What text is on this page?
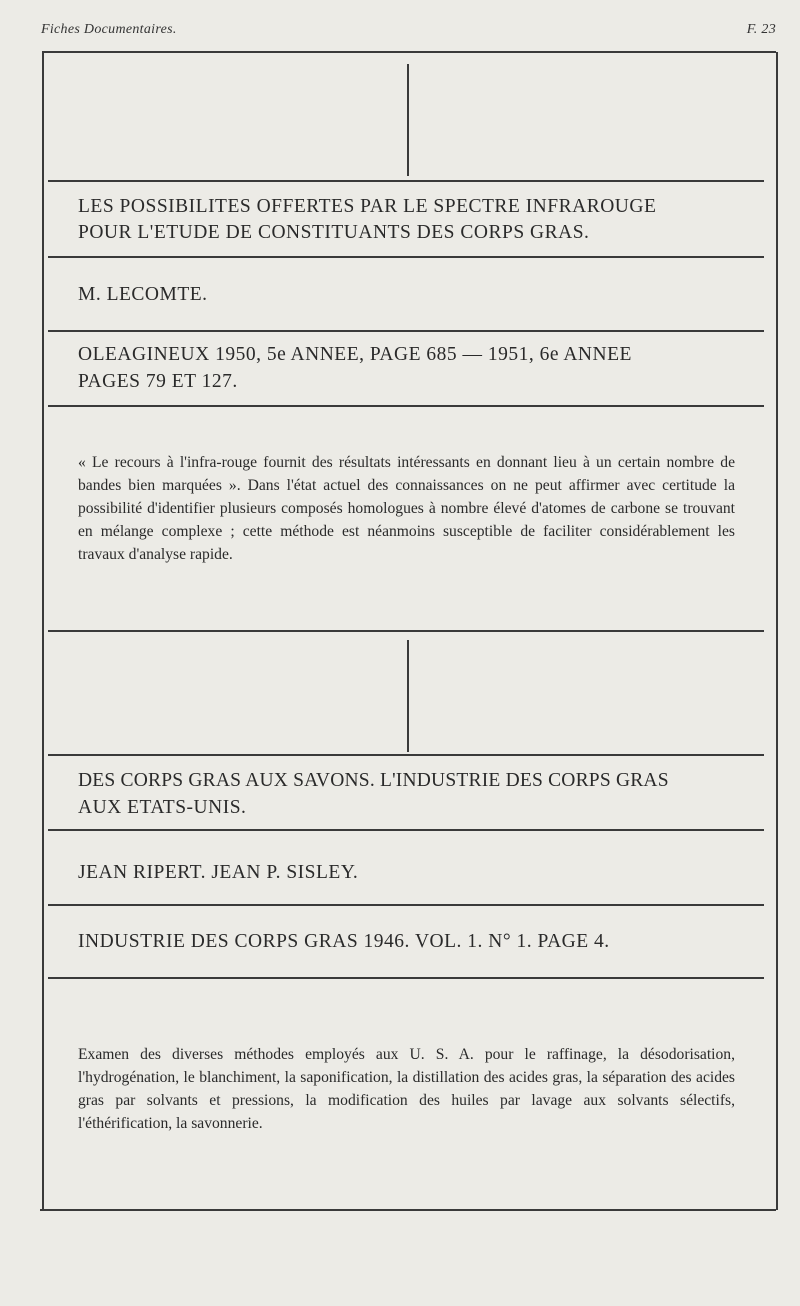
Fiches Documentaires.	F. 23
LES POSSIBILITES OFFERTES PAR LE SPECTRE INFRAROUGE
POUR L'ETUDE DE CONSTITUANTS DES CORPS GRAS.
M. LECOMTE.
OLEAGINEUX 1950, 5e ANNEE, PAGE 685 — 1951, 6e ANNEE
PAGES 79 ET 127.
« Le recours à l'infra-rouge fournit des résultats intéressants en donnant lieu à un certain nombre de bandes bien marquées ». Dans l'état actuel des connaissances on ne peut affirmer avec certitude la possibilité d'identifier plusieurs composés homologues à nombre élevé d'atomes de carbone se trouvant en mélange complexe ; cette méthode est néanmoins susceptible de faciliter considérablement les travaux d'analyse rapide.
DES CORPS GRAS AUX SAVONS. L'INDUSTRIE DES CORPS GRAS
AUX ETATS-UNIS.
JEAN RIPERT. JEAN P. SISLEY.
INDUSTRIE DES CORPS GRAS 1946. VOL. 1. N° 1. PAGE 4.
Examen des diverses méthodes employés aux U. S. A. pour le raffinage, la désodorisation, l'hydrogénation, le blanchiment, la saponification, la distillation des acides gras, la séparation des acides gras par solvants et pressions, la modification des huiles par lavage aux solvants sélectifs, l'éthérification, la savonnerie.
